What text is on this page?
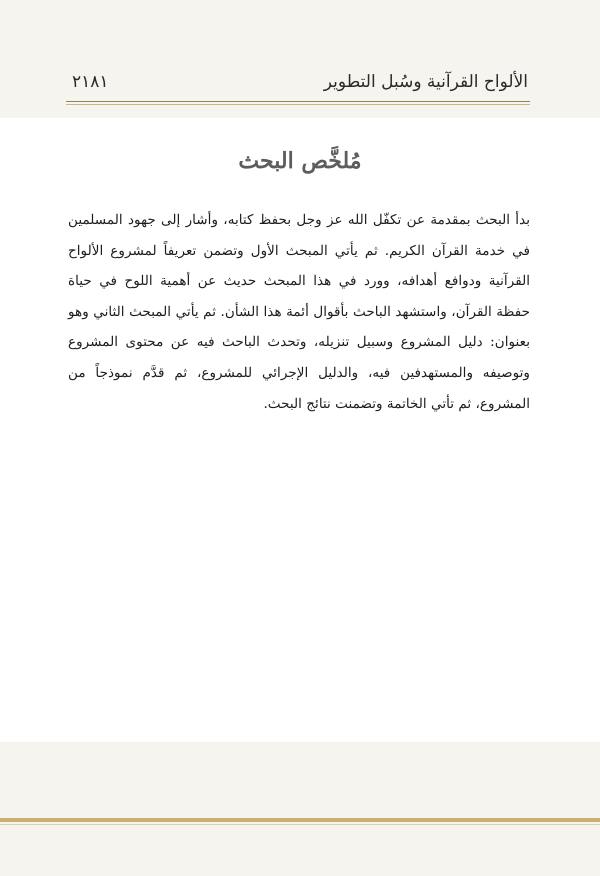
الألواح القرآنية وسُبل التطوير
٢١٨١
مُلخَّص البحث
بدأ البحث بمقدمة عن تكفّل الله عز وجل بحفظ كتابه، وأشار إلى جهود المسلمين في خدمة القرآن الكريم. ثم يأتي المبحث الأول وتضمن تعريفاً لمشروع الألواح القرآنية ودوافع أهدافه، وورد في هذا المبحث حديث عن أهمية اللوح في حياة حفظة القرآن، واستشهد الباحث بأقوال أئمة هذا الشأن. ثم يأتي المبحث الثاني وهو بعنوان: دليل المشروع وسبيل تنزيله، وتحدث الباحث فيه عن محتوى المشروع وتوصيفه والمستهدفين فيه، والدليل الإجرائي للمشروع، ثم قدَّم نموذجاً من المشروع، ثم تأتي الخاتمة وتضمنت نتائج البحث.
